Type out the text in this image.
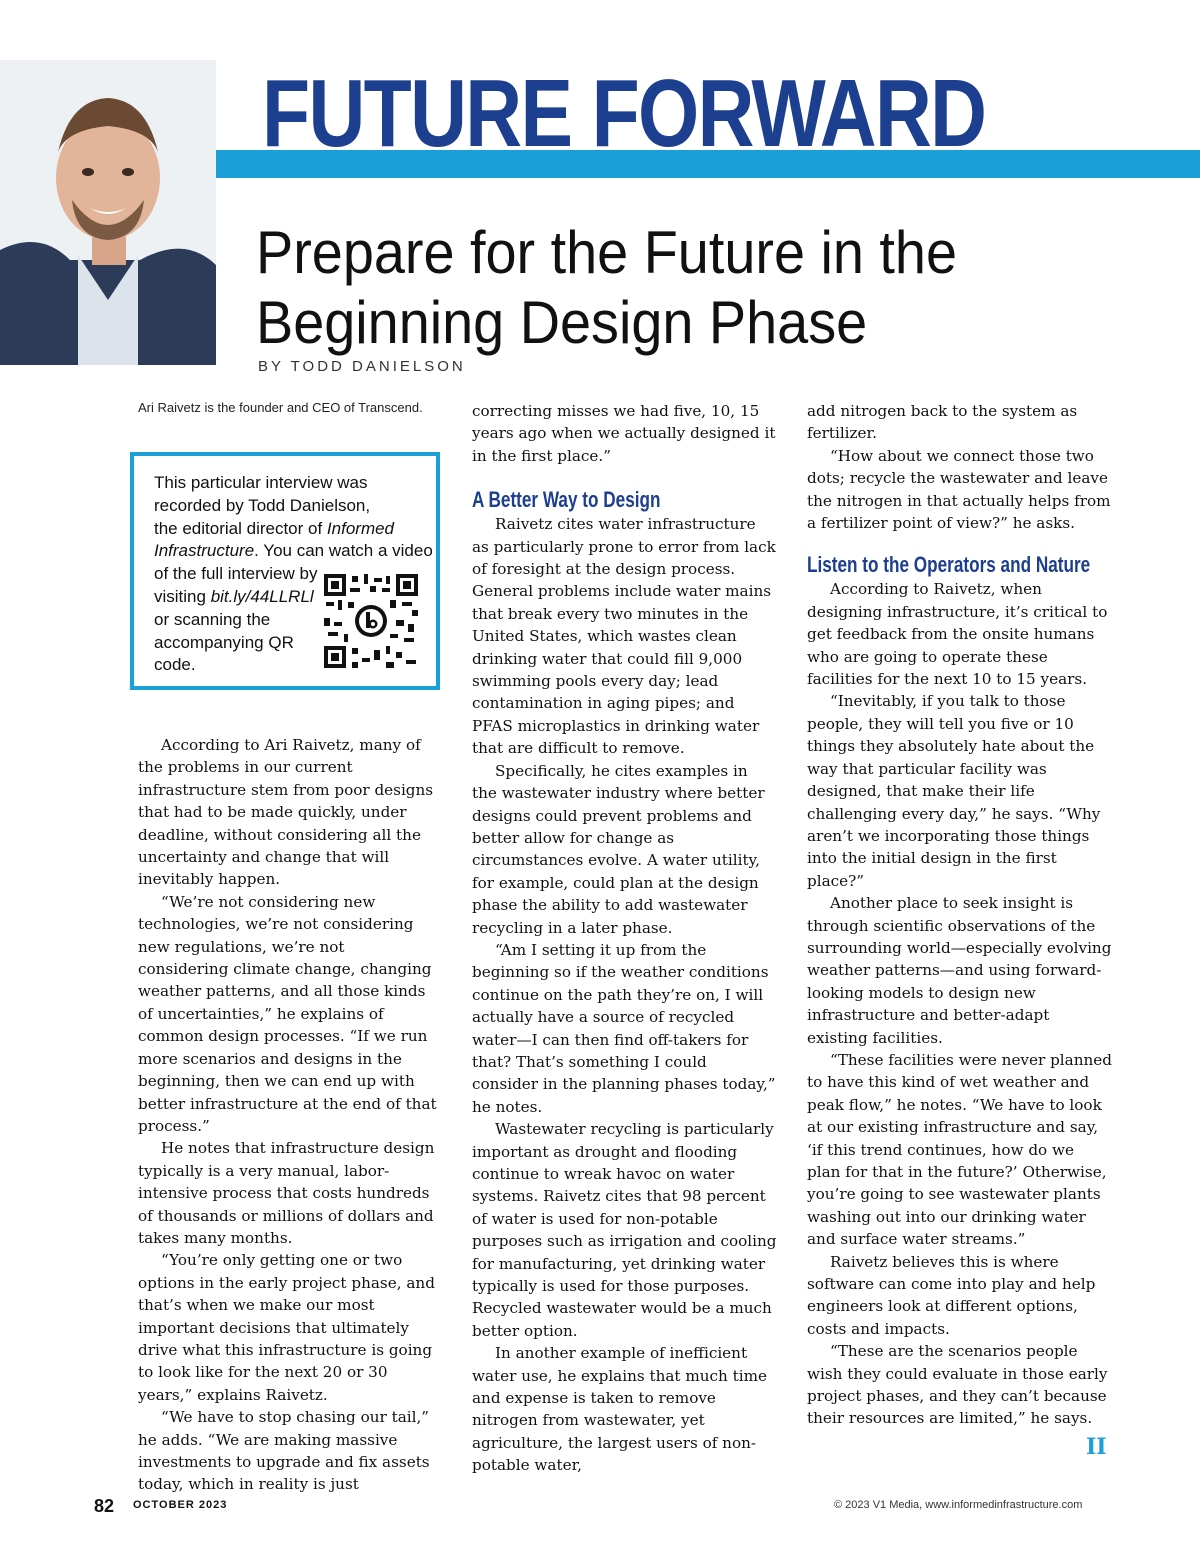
FUTURE FORWARD
Prepare for the Future in the
Beginning Design Phase
BY TODD DANIELSON
Ari Raivetz is the founder and CEO of Transcend.
This particular interview was
recorded by Todd Danielson,
the editorial director of Informed
Infrastructure. You can watch a video
of the full interview by
visiting bit.ly/44LLRLl
or scanning the
accompanying QR
code.

According to Ari Raivetz, many of the problems in our current infrastructure stem from poor designs that had to be made quickly, under deadline, without considering all the uncertainty and change that will inevitably happen.

“We’re not considering new technologies, we’re not considering new regulations, we’re not considering climate change, changing weather patterns, and all those kinds of uncertainties,” he explains of common design processes. “If we run more scenarios and designs in the beginning, then we can end up with better infrastructure at the end of that process.”

He notes that infrastructure design typically is a very manual, labor-intensive process that costs hundreds of thousands or millions of dollars and takes many months.

“You’re only getting one or two options in the early project phase, and that’s when we make our most important decisions that ultimately drive what this infrastructure is going to look like for the next 20 or 30 years,” explains Raivetz.

“We have to stop chasing our tail,” he adds. “We are making massive investments to upgrade and fix assets today, which in reality is just

correcting misses we had five, 10, 15 years ago when we actually designed it in the first place.”

A Better Way to Design

Raivetz cites water infrastructure as particularly prone to error from lack of foresight at the design process. General problems include water mains that break every two minutes in the United States, which wastes clean drinking water that could fill 9,000 swimming pools every day; lead contamination in aging pipes; and PFAS microplastics in drinking water that are difficult to remove.

Specifically, he cites examples in the wastewater industry where better designs could prevent problems and better allow for change as circumstances evolve. A water utility, for example, could plan at the design phase the ability to add wastewater recycling in a later phase.

“Am I setting it up from the beginning so if the weather conditions continue on the path they’re on, I will actually have a source of recycled water—I can then find off-takers for that? That’s something I could consider in the planning phases today,” he notes.

Wastewater recycling is particularly important as drought and flooding continue to wreak havoc on water systems. Raivetz cites that 98 percent of water is used for non-potable purposes such as irrigation and cooling for manufacturing, yet drinking water typically is used for those purposes. Recycled wastewater would be a much better option.

In another example of inefficient water use, he explains that much time and expense is taken to remove nitrogen from wastewater, yet agriculture, the largest users of non-potable water,

add nitrogen back to the system as fertilizer.

“How about we connect those two dots; recycle the wastewater and leave the nitrogen in that actually helps from a fertilizer point of view?” he asks.

Listen to the Operators and Nature

According to Raivetz, when designing infrastructure, it’s critical to get feedback from the onsite humans who are going to operate these facilities for the next 10 to 15 years.

“Inevitably, if you talk to those people, they will tell you five or 10 things they absolutely hate about the way that particular facility was designed, that make their life challenging every day,” he says. “Why aren’t we incorporating those things into the initial design in the first place?”

Another place to seek insight is through scientific observations of the surrounding world—especially evolving weather patterns—and using forward-looking models to design new infrastructure and better-adapt existing facilities.

“These facilities were never planned to have this kind of wet weather and peak flow,” he notes. “We have to look at our existing infrastructure and say, ‘if this trend continues, how do we plan for that in the future?’ Otherwise, you’re going to see wastewater plants washing out into our drinking water and surface water streams.”

Raivetz believes this is where software can come into play and help engineers look at different options, costs and impacts.

“These are the scenarios people wish they could evaluate in those early project phases, and they can’t because their resources are limited,” he says.

II
82 OCTOBER 2023	© 2023 V1 Media, www.informedinfrastructure.com
